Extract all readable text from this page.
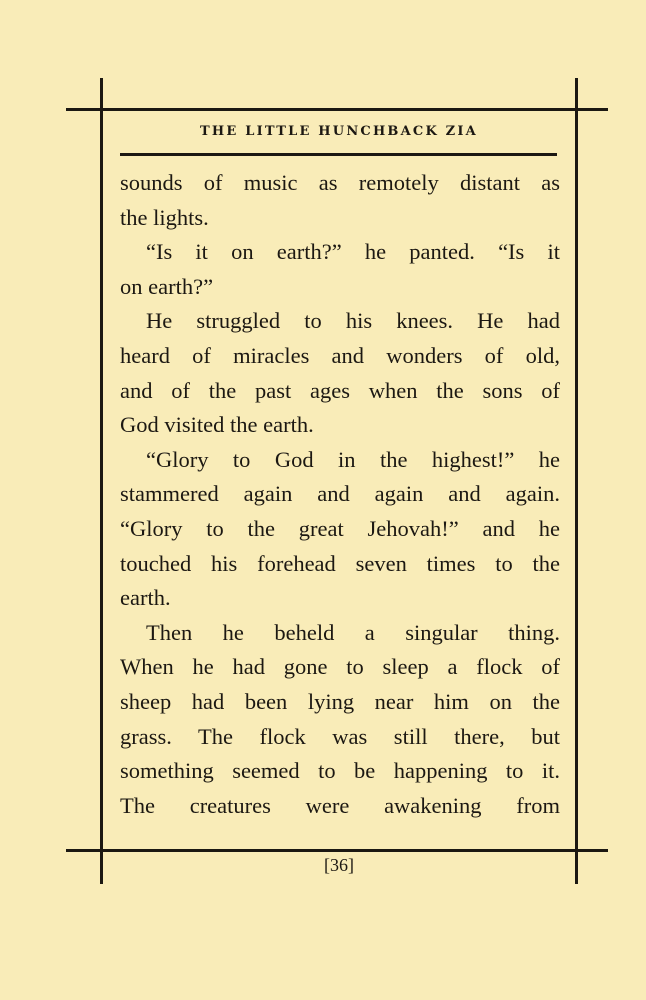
THE LITTLE HUNCHBACK ZIA
sounds of music as remotely distant as
the lights.
“Is it on earth?” he panted. “Is it
on earth?”
He struggled to his knees. He had
heard of miracles and wonders of old,
and of the past ages when the sons of
God visited the earth.
“Glory to God in the highest!” he
stammered again and again and again.
“Glory to the great Jehovah!” and he
touched his forehead seven times to the
earth.
Then he beheld a singular thing.
When he had gone to sleep a flock of
sheep had been lying near him on the
grass. The flock was still there, but
something seemed to be happening to it.
The creatures were awakening from
[36]
